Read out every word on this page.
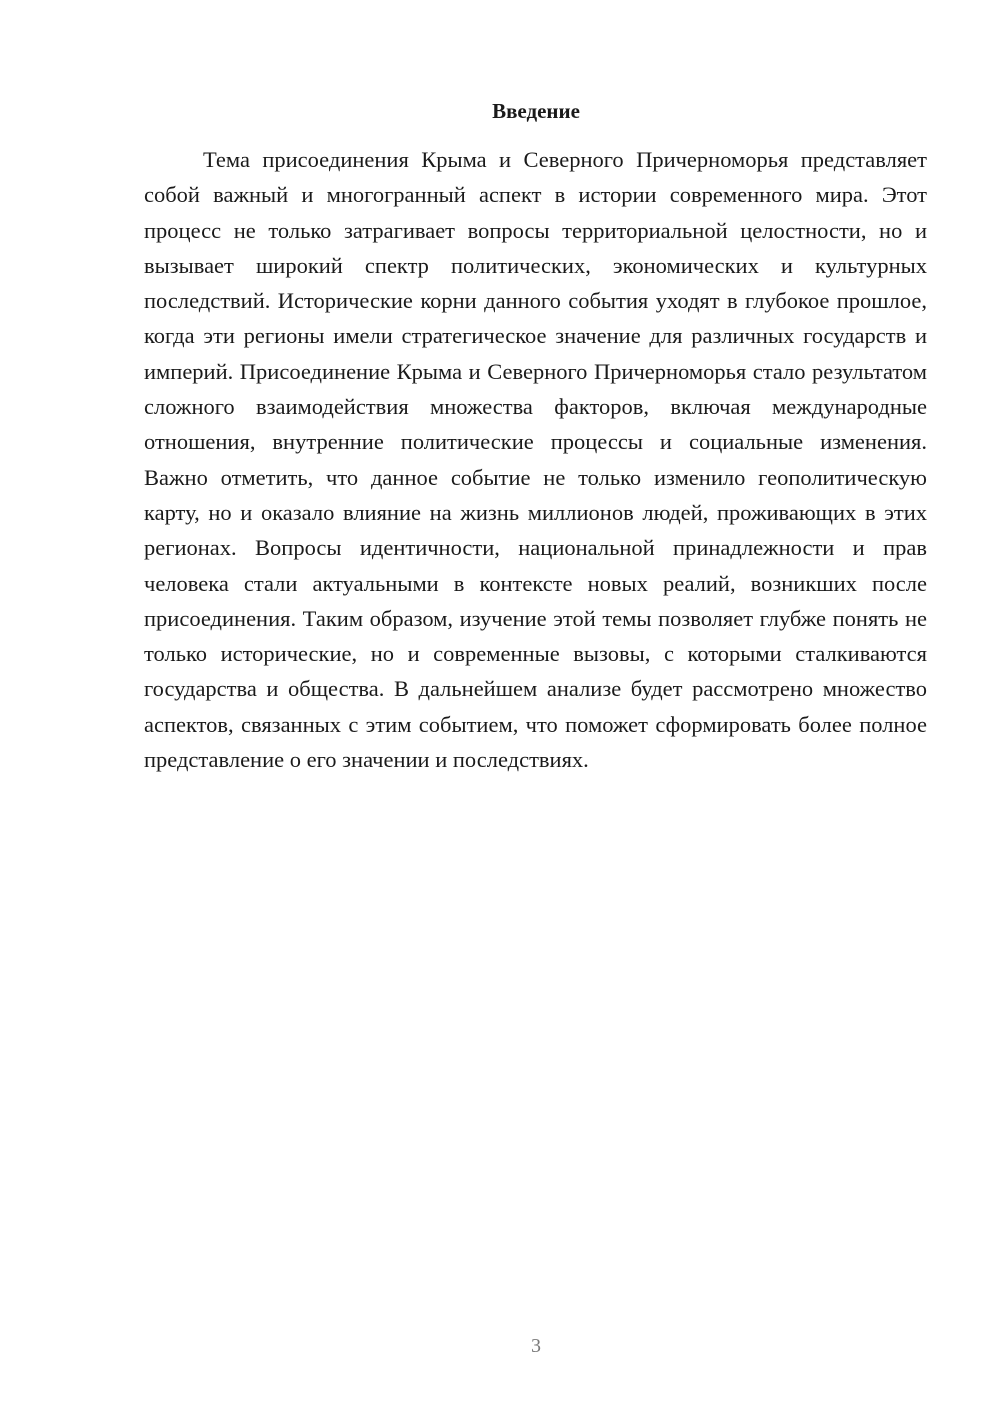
Введение

Тема присоединения Крыма и Северного Причерноморья представляет собой важный и многогранный аспект в истории современного мира. Этот процесс не только затрагивает вопросы территориальной целостности, но и вызывает широкий спектр политических, экономических и культурных последствий. Исторические корни данного события уходят в глубокое прошлое, когда эти регионы имели стратегическое значение для различных государств и империй. Присоединение Крыма и Северного Причерноморья стало результатом сложного взаимодействия множества факторов, включая международные отношения, внутренние политические процессы и социальные изменения. Важно отметить, что данное событие не только изменило геополитическую карту, но и оказало влияние на жизнь миллионов людей, проживающих в этих регионах. Вопросы идентичности, национальной принадлежности и прав человека стали актуальными в контексте новых реалий, возникших после присоединения. Таким образом, изучение этой темы позволяет глубже понять не только исторические, но и современные вызовы, с которыми сталкиваются государства и общества. В дальнейшем анализе будет рассмотрено множество аспектов, связанных с этим событием, что поможет сформировать более полное представление о его значении и последствиях.

3
